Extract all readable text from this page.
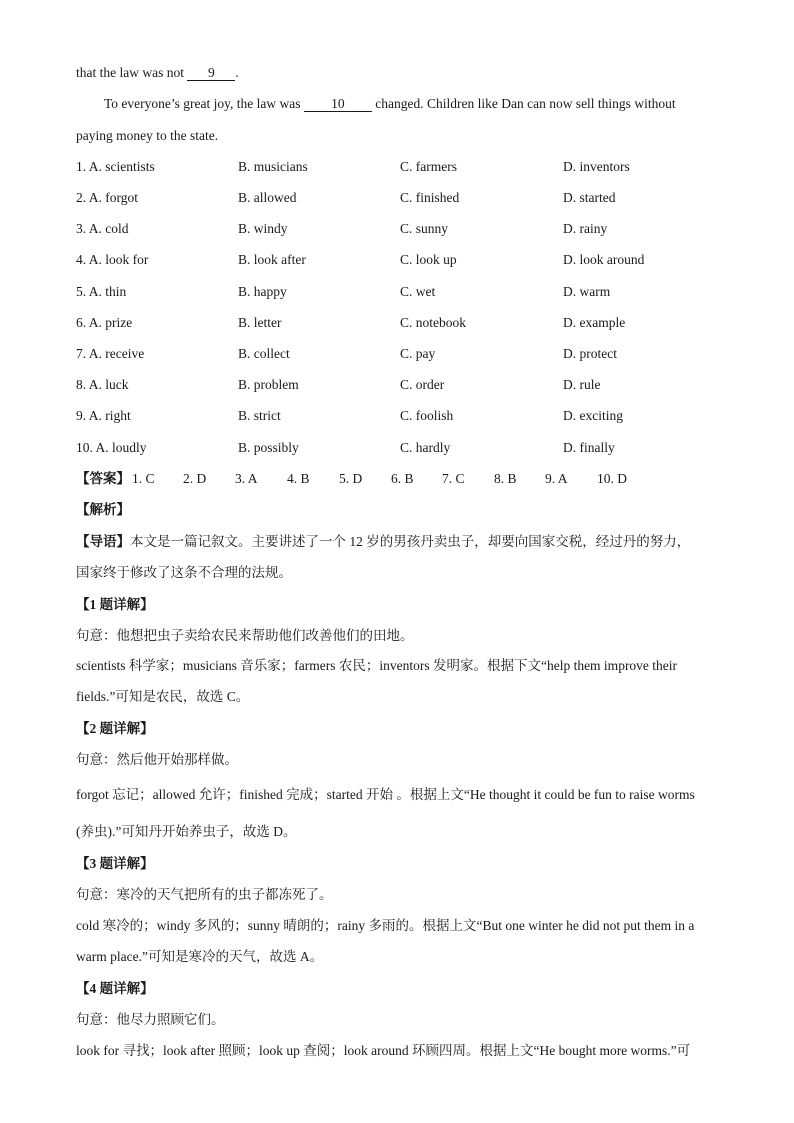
that the law was not 9 .
To everyone’s great joy, the law was 10 changed. Children like Dan can now sell things without
paying money to the state.
1. A. scientists	B. musicians	C. farmers	D. inventors
2. A. forgot	B. allowed	C. finished	D. started
3. A. cold	B. windy	C. sunny	D. rainy
4. A. look for	B. look after	C. look up	D. look around
5. A. thin	B. happy	C. wet	D. warm
6. A. prize	B. letter	C. notebook	D. example
7. A. receive	B. collect	C. pay	D. protect
8. A. luck	B. problem	C. order	D. rule
9. A. right	B. strict	C. foolish	D. exciting
10. A. loudly	B. possibly	C. hardly	D. finally
【答案】 1. C 2. D 3. A 4. B 5. D 6. B 7. C 8. B 9. A 10. D
【解析】
【导语】本文是一篇记叙文。主要讲述了一个 12 岁的男孩丹卖虫子，却要向国家交税，经过丹的努力，
国家终于修改了这条不合理的法规。
【1 题详解】
句意：他想把虫子卖给农民来帮助他们改善他们的田地。
scientists 科学家；musicians 音乐家；farmers 农民；inventors 发明家。根据下文“help them improve their
fields.”可知是农民，故选 C。
【2 题详解】
句意：然后他开始那样做。
forgot 忘记；allowed 允许；finished 完成；started 开始 。根据上文“He thought it could be fun to raise worms
(养虫).”可知丹开始养虫子，故选 D。
【3 题详解】
句意：寒冷的天气把所有的虫子都冻死了。
cold 寒冷的；windy 多风的；sunny 晴朗的；rainy 多雨的。根据上文“But one winter he did not put them in a
warm place.”可知是寒冷的天气，故选 A。
【4 题详解】
句意：他尽力照顾它们。
look for 寻找；look after 照顾；look up 查阅；look around 环顾四周。根据上文“He bought more worms.”可
